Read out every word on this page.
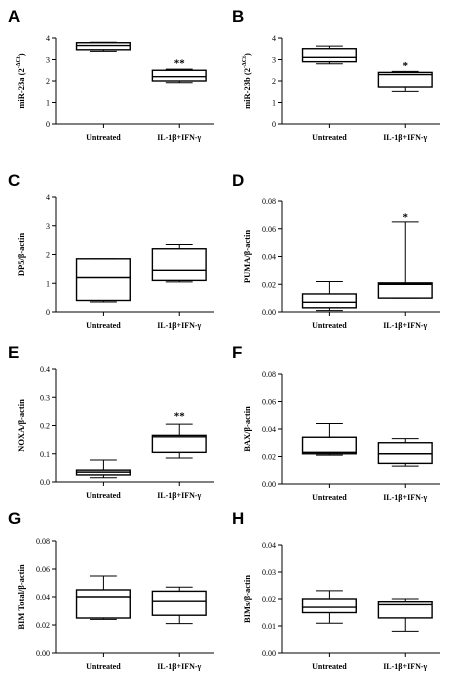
A
0
1
2
3
4
Untreated	IL-1β+IFN-γ
miR-23a $(2^{-\Delta Ct})$
**
B
0
1
2
3
4
Untreated	IL-1β+IFN-γ
miR-23b $(2^{-\Delta Ct})$
*
C
0
1
2
3
4
Untreated	IL-1β+IFN-γ
DP5/β-actin
D
0.00
0.02
0.04
0.06
0.08
Untreated	IL-1β+IFN-γ
PUMA/β-actin
*
E
0.0
0.1
0.2
0.3
0.4
Untreated	IL-1β+IFN-γ
NOXA/β-actin	**
F
0.00
0.02
0.04
0.06
0.08
Untreated	IL-1β+IFN-γ
BAX/β-actin
G
0.00
0.02
0.04
0.06
0.08
Untreated	IL-1β+IFN-γ
BIM Total/β-actin
H
0.00
0.01
0.02
0.03
0.04
Untreated	IL-1β+IFN-γ
BIMs/β-actin
